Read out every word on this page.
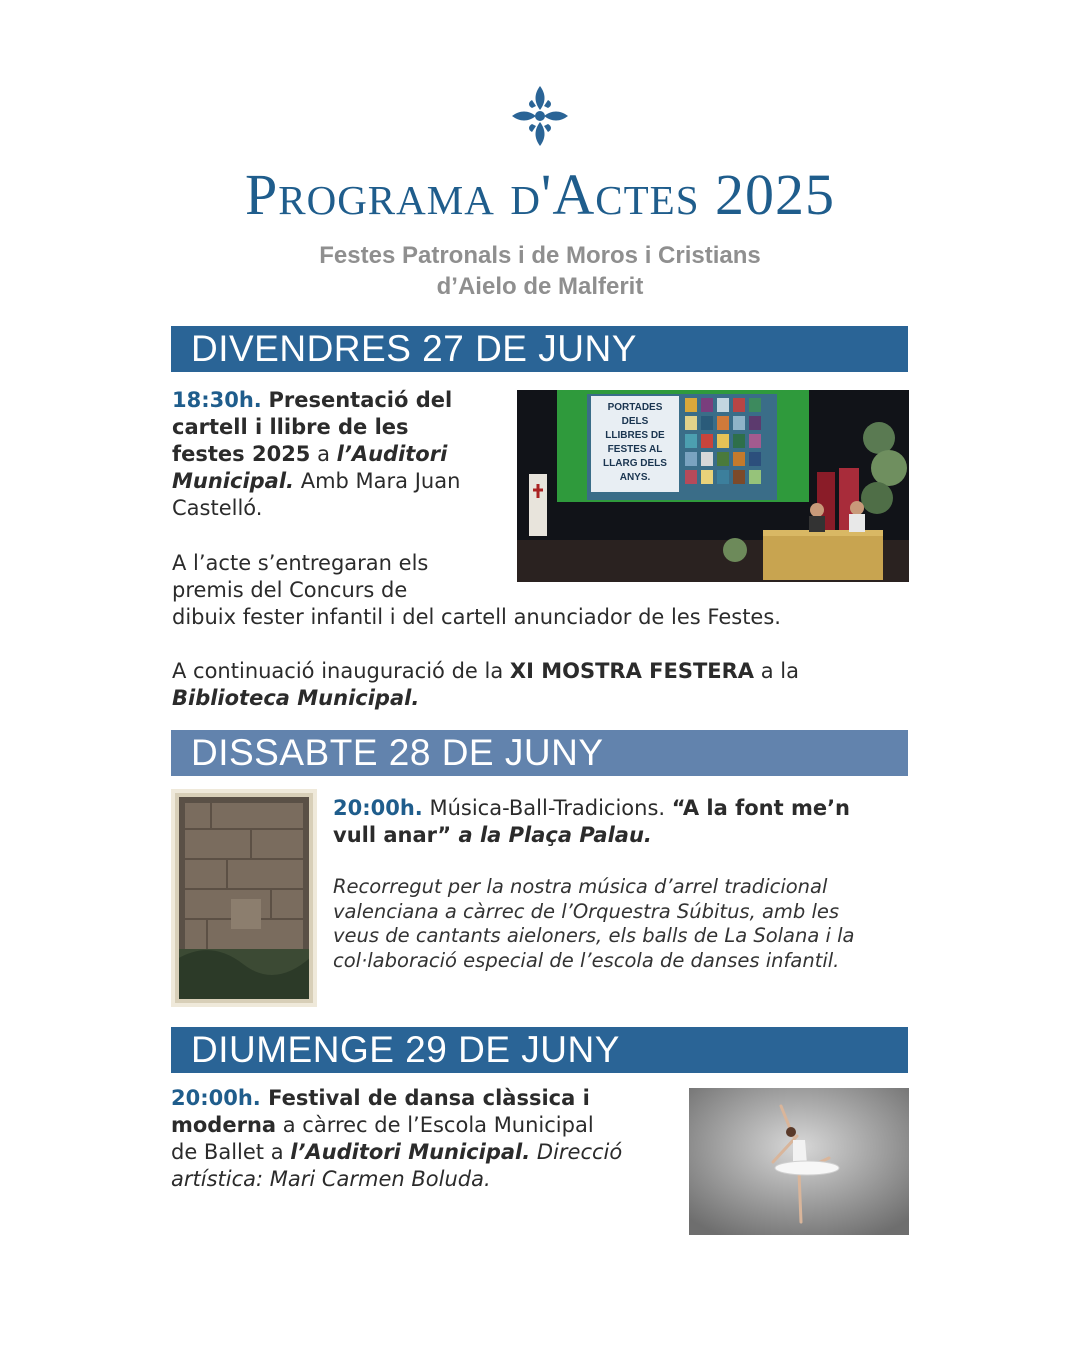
Programa d'Actes 2025
Festes Patronals i de Moros i Cristians
d’Aielo de Malferit
DIVENDRES 27 DE JUNY
18:30h. Presentació del
cartell i llibre de les
festes 2025 a l’Auditori
Municipal. Amb Mara Juan
Castelló.
A l’acte s’entregaran els
premis del Concurs de
dibuix fester infantil i del cartell anunciador de les Festes.
A continuació inauguració de la XI MOSTRA FESTERA a la
Biblioteca Municipal.
PORTADES
DELS
LLIBRES DE
FESTES AL
LLARG DELS
ANYS.
DISSABTE 28 DE JUNY
20:00h. Música-Ball-Tradicions. “A la font me’n
vull anar” a la Plaça Palau.
Recorregut per la nostra música d’arrel tradicional
valenciana a càrrec de l’Orquestra Súbitus, amb les
veus de cantants aieloners, els balls de La Solana i la
col·laboració especial de l’escola de danses infantil.
DIUMENGE 29 DE JUNY
20:00h. Festival de dansa clàssica i
moderna a càrrec de l’Escola Municipal
de Ballet a l’Auditori Municipal. Direcció
artística: Mari Carmen Boluda.
